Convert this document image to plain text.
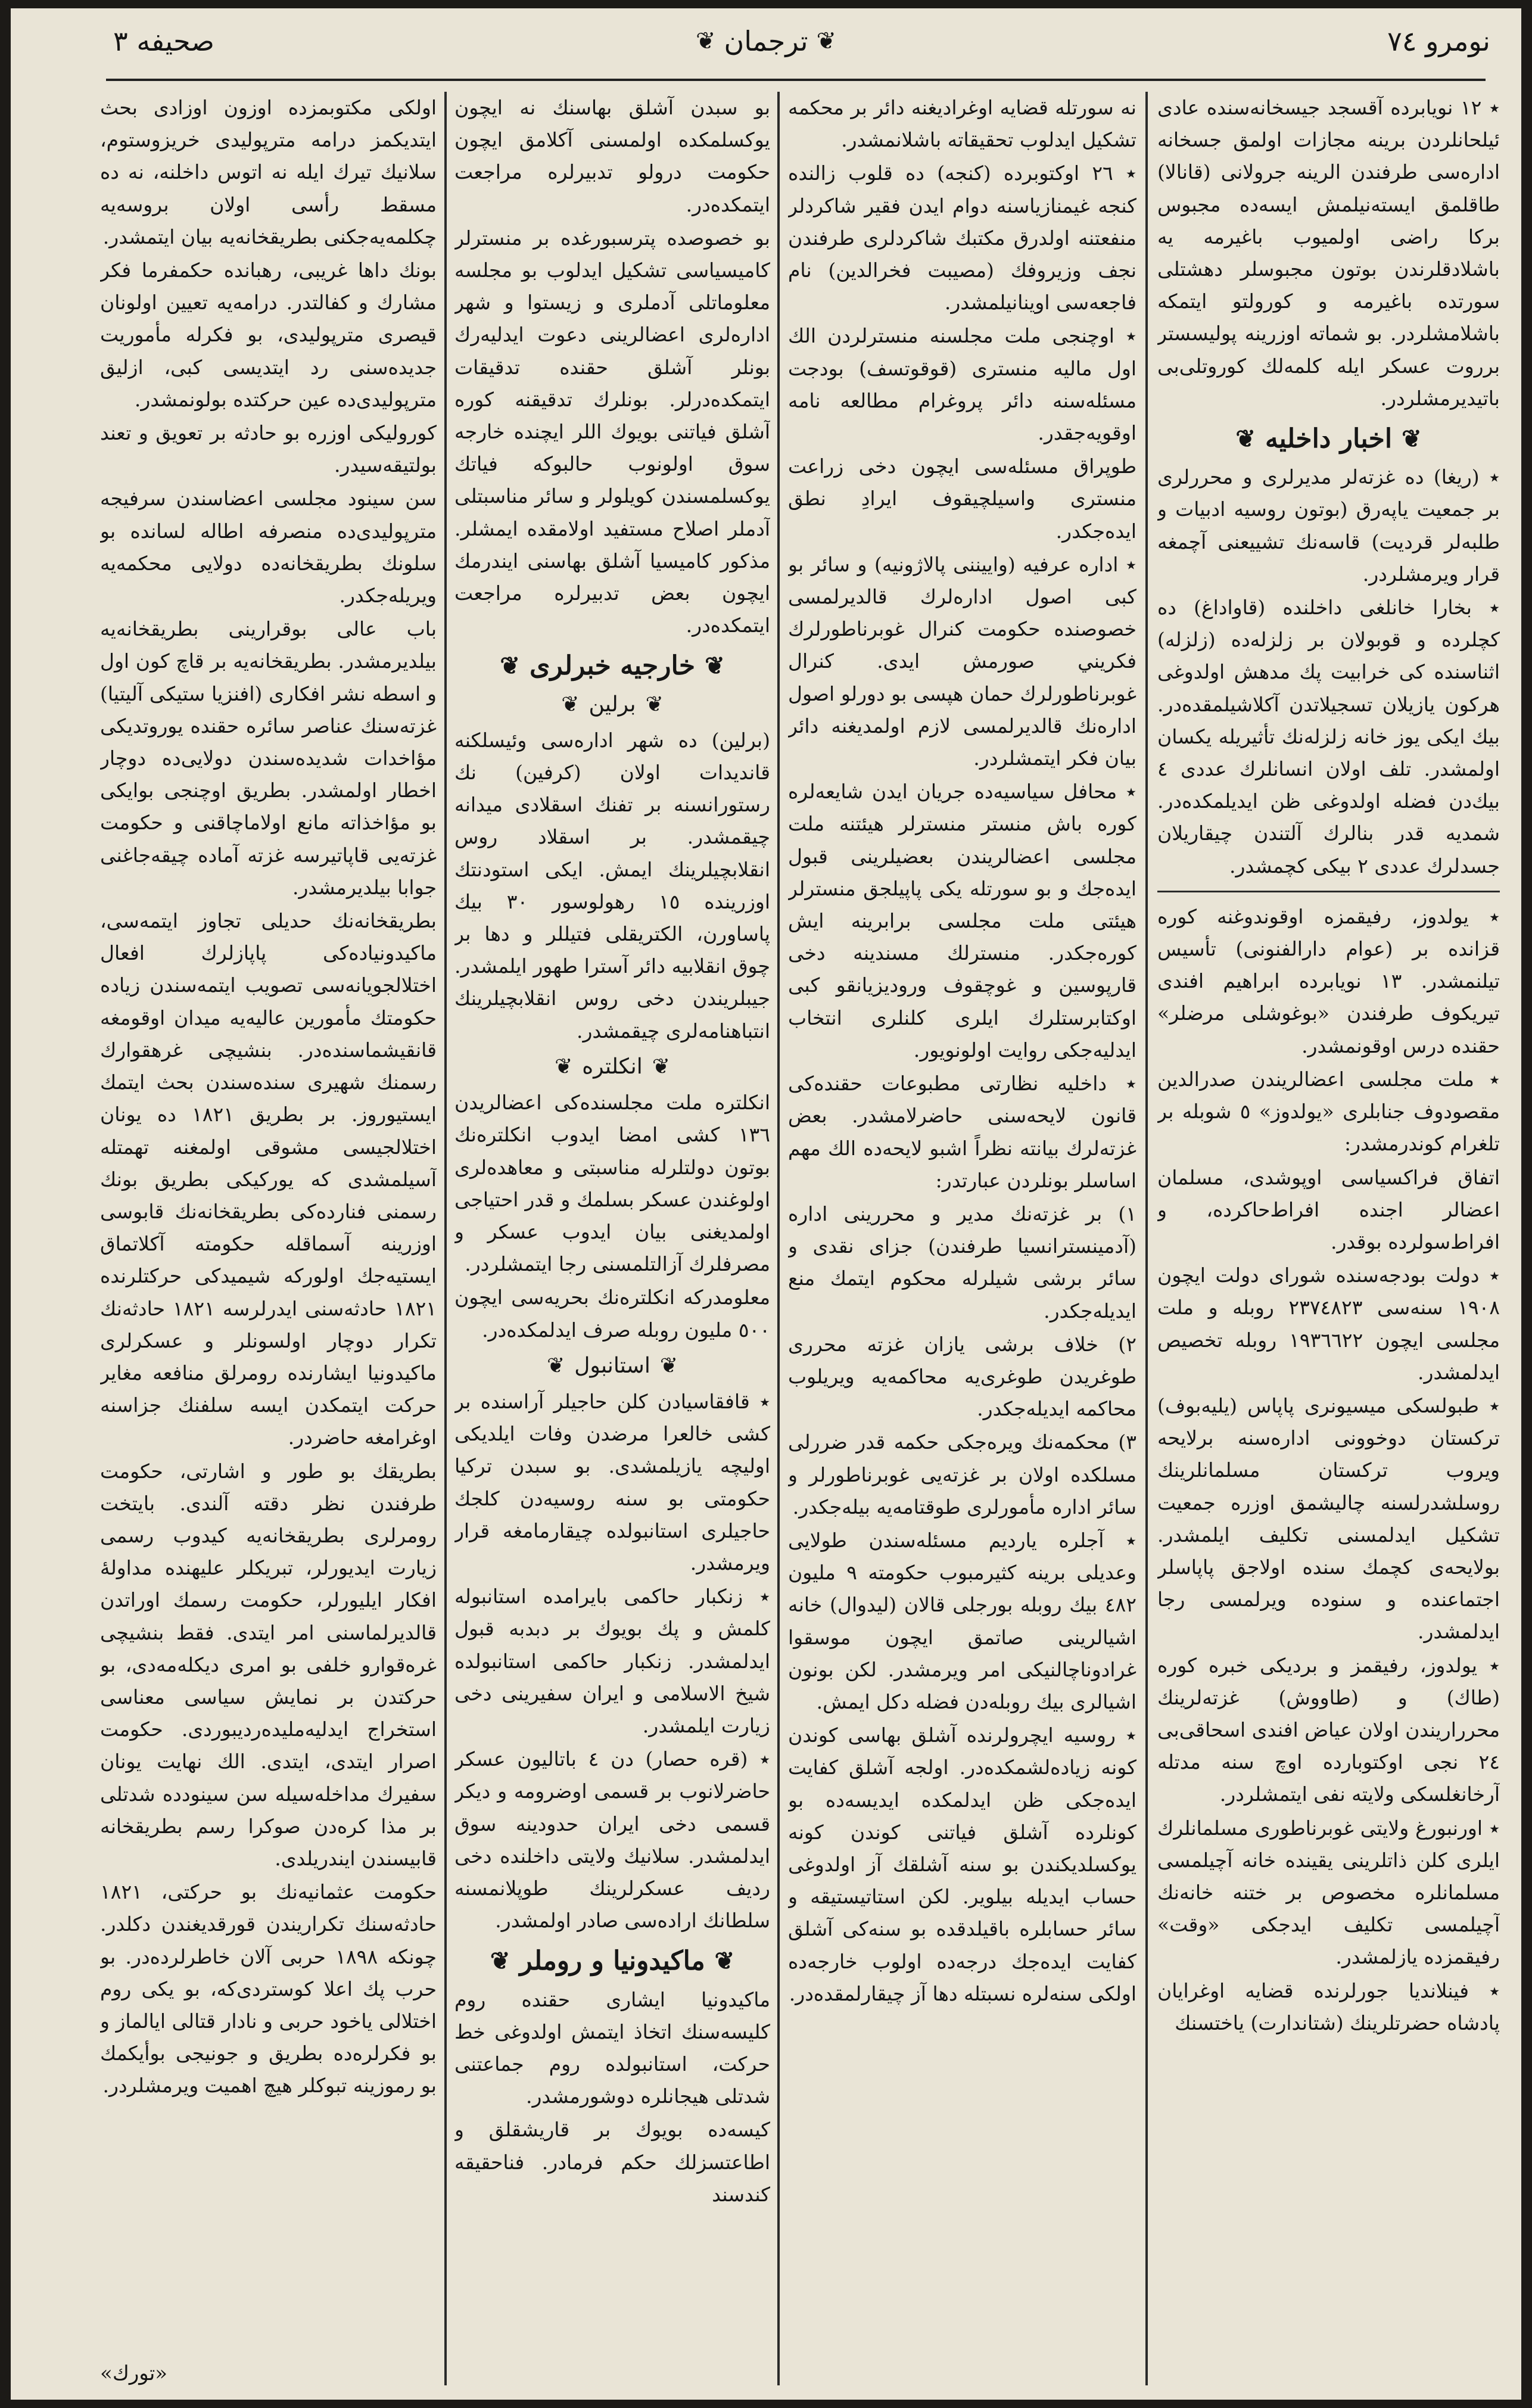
نومرو ٧٤
❦
ترجمان
❦
صحيفه ٣

٭ ١٢ نويابرده آقسجد جيسخانه‌سنده عادی ئيلحانلردن برينه مجازات اولمق جسخانه اداره‌سی طرفندن الرينه جرولانی (قانالا) طاقلمق ايسته‌نيلمش ايسه‌ده مجبوس بركا راضی اولميوب باغيرمه يه باشلادقلرندن بوتون مجبوسلر دهشتلی سورتده باغيرمه و كورولتو ايتمكه باشلامشلردر. بو شماته اوزرينه پوليسستر برروت عسكر ايله كلمه‌لك كوروتلی‌بی باتيديرمشلردر.

❦
اخبار داخليه
❦

٭ (ريغا) ده غزته‌لر مديرلری و محررلری بر جمعيت ياپه‌رق (بوتون روسيه ادبيات و طلبه‌لر قرديت) قاسه‌نك تشييعنی آچمغه قرار ويرمشلردر.

٭ بخارا خانلغی داخلنده (قاواداغ) ده كچلرده و قوبولان بر زلزله‌ده (زلزله) اثناسنده كی خرابيت پك مدهش اولدوغی هركون يازيلان تسجيلاتدن آكلاشيلمقده‌در. بيك ايكی يوز خانه زلزله‌نك تأثيريله يكسان اولمشدر. تلف اولان انسانلرك عددی ٤ بيك‌دن فضله اولدوغی ظن ايديلمكده‌در. شمديه قدر بنالرك آلتندن چيقاريلان جسدلرك عددی ٢ بيكی كچمشدر.

٭ يولدوز، رفيقمزه اوقوندوغنه كوره قزانده بر (عوام دارالفنونی) تأسيس تيلنمشدر. ١٣ نويابرده ابراهيم افندی تيريكوف طرفندن «بوغوشلی مرضلر» حقنده درس اوقونمشدر.

٭ ملت مجلسی اعضالريندن صدرالدين مقصودوف جنابلری «يولدوز» ٥ شوبله بر تلغرام كوندرمشدر:

اتفاق فراكسياسی اوپوشدی، مسلمان اعضالر اجنده افراط‌حاكرده، و افراط‌سولرده بوقدر.

٭ دولت بودجه‌سنده شورای دولت ايچون ١٩٠٨ سنه‌سی ٢٣٧٤٨٢٣ روبله و ملت مجلسی ايچون ١٩٣٦٦٢٢ روبله تخصيص ايدلمشدر.

٭ طبولسكی ميسيونری پاپاس (يليه‌بوف) تركستان دوخوونی اداره‌سنه برلايحه ويروب تركستان مسلمانلرينك روسلشدرلسنه چاليشمق اوزره جمعيت تشكيل ايدلمسنی تكليف ايلمشدر. بولايحه‌ی كچمك سنده اولاجق پاپاسلر اجتماعنده و سنوده ويرلمسی رجا ايدلمشدر.

٭ يولدوز، رفيقمز و بردیكی خبره كوره (طاك) و (طاووش) غزته‌لرينك محرراريندن اولان عياض افندی اسحاقی‌بی ٢٤ نجی اوكتوبارده اوچ سنه مدتله آرخانغلسكی ولايته نفی ايتمشلردر.

٭ اورنبورغ ولايتی غوبرناطوری مسلمانلرك ايلری كلن ذاتلرينی يقينده خانه آچيلمسی مسلمانلره مخصوص بر ختنه خانه‌نك آچيلمسی تكليف ايدجكی «وقت» رفيقمزده يازلمشدر.

٭ فينلانديا جورلرنده قضايه اوغرايان پادشاه حضرتلرينك (شتاندارت) ياختسنك

نه سورتله قضايه اوغراديغنه دائر بر محكمه تشكيل ايدلوب تحقيقاته باشلانمشدر.

٭ ٢٦ اوكتوبرده (كنجه) ده قلوب زالنده كنجه غيمنازياسنه دوام ايدن فقير شاكردلر منفعتنه اولدرق مكتبك شاكردلری طرفندن نجف وزيروفك (مصيبت فخرالدين) نام فاجعه‌سی اوينانيلمشدر.

٭ اوچنجی ملت مجلسنه منسترلردن الك اول ماليه منستری (قوقوتسف) بودجت مسئله‌سنه دائر پروغرام مطالعه نامه اوقويه‌جقدر.

طوپراق مسئله‌سی ايچون دخی زراعت منستری واسيلچيقوف ايرادِ نطق ايده‌جكدر.

٭ اداره عرفيه (واييننی پالاژونيه) و سائر بو كبی اصول اداره‌لرك قالديرلمسی خصوصنده حكومت كنرال غوبرناطورلرك فكريني صورمش ايدی. كنرال غوبرناطورلرك حمان هپسی بو دورلو اصول اداره‌نك قالديرلمسی لازم اولمديغنه دائر بيان فكر ايتمشلردر.

٭ محافل سياسيه‌ده جريان ايدن شايعه‌لره كوره باش منستر منسترلر هيئتنه ملت مجلسی اعضالريندن بعضيلرينی قبول ايده‌جك و بو سورتله يكی پاپيلجق منسترلر هيئتی ملت مجلسی برابرينه ايش كوره‌جكدر. منسترلك مسندينه دخی قارپوسين و غوچقوف وروديزيانقو كبی اوكتابرستلرك ايلری كلنلری انتخاب ايدليه‌جكی روايت اولونويور.

٭ داخليه نظارتی مطبوعات حقنده‌كی قانون لايحه‌سنی حاضرلامشدر. بعض غزته‌لرك بيانته نظراً اشبو لايحه‌ده الك مهم اساسلر بونلردن عبارتدر:

١) بر غزته‌نك مدير و محررينی اداره (آدمينسترانسيا طرفندن) جزای نقدی و سائر برشی شيلرله محكوم ايتمك منع ايديله‌جكدر.

٢) خلاف برشی يازان غزته محرری طوغريدن طوغری‌يه محاكمه‌يه ويريلوب محاكمه ايديله‌جكدر.

٣) محكمه‌نك ويره‌جكی حكمه قدر ضررلی مسلكده اولان بر غزته‌يی غوبرناطورلر و سائر اداره مأمورلری طوقتامه‌يه بيله‌جكدر.

٭ آجلره يارديم مسئله‌سندن طولايی وعديلی برينه كثيرمبوب حكومته ٩ مليون ٤٨٢ بيك روبله بورجلی قالان (ليدوال) خانه اشيالرينی صاتمق ايچون موسقوا غرادوناچالنيكی امر ويرمشدر. لكن بونون اشيالری بيك روبله‌دن فضله دكل ايمش.

٭ روسيه ايچرولرنده آشلق بهاسی كوندن كونه زياده‌لشمكده‌در. اولجه آشلق كفايت ايده‌جكی ظن ايدلمكده ايديسه‌ده بو كونلرده آشلق فياتنی كوندن كونه يوكسلديكندن بو سنه آشلقك آز اولدوغی حساب ايديله بيلوير. لكن استاتيستيقه و سائر حسابلره باقيلدقده بو سنه‌كی آشلق كفايت ايده‌جك درجه‌ده اولوب خارجه‌ده اولكی سنه‌لره نسبتله دها آز چيقارلمقده‌در.

بو سبدن آشلق بهاسنك نه ايچون يوكسلمكده اولمسنی آكلامق ايچون حكومت درولو تدبيرلره مراجعت ايتمكده‌در.

بو خصوصده پترسبورغده بر منسترلر كاميسياسی تشكيل ايدلوب بو مجلسه معلوماتلی آدملری و زيستوا و شهر اداره‌لری اعضالرينی دعوت ايدليه‌رك بونلر آشلق حقنده تدقيقات ايتمكده‌درلر. بونلرك تدقيقنه كوره آشلق فياتنی بويوك اللر ايچنده خارجه سوق اولونوب حالبوكه فياتك يوكسلمسندن كويلولر و سائر مناسبتلی آدملر اصلاح مستفيد اولامقده ايمشلر. مذكور كاميسيا آشلق بهاسنی ايندرمك ايچون بعض تدبيرلره مراجعت ايتمكده‌در.

❦
خارجيه خبرلری
❦
❦
برلين
❦

(برلين) ده شهر اداره‌سی وئيسلكنه قانديدات اولان (كرفين) نك رستورانسنه بر تفنك اسقلادی ميدانه چيقمشدر. بر اسقلاد روس انقلابچيلرينك ايمش. ايكی استودنتك اوزرينده ١٥ رهولوسور ٣٠ بيك پاساورن، الكتريقلی فتيللر و دها بر چوق انقلابيه دائر آسترا طهور ايلمشدر. جيبلريندن دخی روس انقلابچيلرينك انتباهنامه‌لری چيقمشدر.

❦
انكلتره
❦

انكلتره ملت مجلسنده‌كی اعضالريدن ١٣٦ كشی امضا ايدوب انكلتره‌نك بوتون دولتلرله مناسبتی و معاهده‌لری اولوغندن عسكر بسلمك و قدر احتياجی اولمديغنی بيان ايدوب عسكر و مصرفلرك آزالتلمسنی رجا ايتمشلردر.

معلومدركه انكلتره‌نك بحريه‌سی ايچون ٥٠٠ مليون روبله صرف ايدلمكده‌در.

❦
استانبول
❦

٭ قافقاسيادن كلن حاجيلر آراسنده بر كشی خالعرا مرضدن وفات ايلديكی اوليچه يازيلمشدی. بو سبدن تركيا حكومتی بو سنه روسيه‌دن كلجك حاجيلری استانبولده چيقارمامغه قرار ويرمشدر.

٭ زنكبار حاكمی بايرامده استانبوله كلمش و پك بويوك بر دبدبه قبول ايدلمشدر. زنكبار حاكمی استانبولده شيخ الاسلامی و ايران سفيرينی دخی زيارت ايلمشدر.

٭ (قره حصار) دن ٤ باتاليون عسكر حاضرلانوب بر قسمی اوضرومه و ديكر قسمی دخی ايران حدودينه سوق ايدلمشدر. سلانيك ولايتی داخلنده دخی ردیف عسكرلرينك طوپلانمسنه سلطانك اراده‌سی صادر اولمشدر.

❦
ماكيدونيا و روملر
❦

ماكيدونيا ايشاری حقنده روم كليسه‌سنك اتخاذ ايتمش اولدوغی خط حركت، استانبولده روم جماعتنی شدتلی هيجانلره دوشورمشدر.

كيسه‌ده بويوك بر قاريشقلق و اطاعتسزلك حكم فرمادر. فناحقيقه كندسند

اولكی مكتوبمزده اوزون اوزادی بحث ايتديكمز درامه مترپوليدی خريزوستوم، سلانيك تيرك ايله نه اتوس داخلنه، نه ده مسقط رأسی اولان بروسه‌يه چكلمه‌يه‌جكنی بطريقخانه‌يه بيان ايتمشدر.

بونك داها غريبی، رهبانده حكمفرما فكر مشارك و كفالتدر. درامه‌يه تعيين اولونان قيصری مترپوليدی، بو فكرله مأموريت جديده‌سنی رد ايتديسی كبی، ازليق مترپوليدی‌ده عين حركتده بولونمشدر.

كوروليكی اوزره بو حادثه بر تعويق و تعند بولتيقه‌سيدر.

سن سينود مجلسی اعضاسندن سرفيجه مترپوليدی‌ده منصرفه اطاله لسانده بو سلونك بطريقخانه‌ده دولايی محكمه‌يه ويريله‌جكدر.

باب عالی بوقرارينی بطريقخانه‌يه بيلديرمشدر. بطريقخانه‌يه بر قاچ كون اول و اسطه نشر افكاری (افنزيا ستيكی آليتيا) غزته‌سنك عناصر سائره حقنده يوروتديكی مؤاخدات شديده‌سندن دولايی‌ده دوچار اخطار اولمشدر. بطريق اوچنجی بوايكی بو مؤاخذاته مانع اولاماچاقنی و حكومت غزته‌يی قاپاتيرسه غزته آماده چيقه‌جاغنی جوابا بيلديرمشدر.

بطريقخانه‌نك حديلی تجاوز ايتمه‌سی، ماكيدونياده‌كی پاپازلرك افعال اختلالجويانه‌سی تصويب ايتمه‌سندن زياده حكومتك مأمورين عاليه‌يه ميدان اوقومغه قانقيشماسنده‌در. بنشيچی غرهقوارك رسمنك شهيری سنده‌سندن بحث ايتمك ايستيوروز. بر بطريق ١٨٢١ ده يونان اختلالجيسی مشوقی اولمغنه تهمتله آسيلمشدی كه يوركيكی بطريق بونك رسمنی فنارده‌كی بطريقخانه‌نك قابوسی اوزرينه آسماقله حكومته آكلاتماق ايستيه‌جك اولوركه شيميدكی حركتلرنده ١٨٢١ حادثه‌سنی ايدرلرسه ١٨٢١ حادثه‌نك تكرار دوچار اولسونلر و عسكرلری ماكيدونيا ايشارنده رومرلق منافعه مغاير حركت ايتمكدن ايسه سلفنك جزاسنه اوغرامغه حاضردر.

بطريقك بو طور و اشارتی، حكومت طرفندن نظر دقته آلندی. بايتخت رومرلری بطريقخانه‌يه كيدوب رسمی زيارت ايديورلر، تبريكلر عليهنده مداولهٔ افكار ايليورلر، حكومت رسمك اوراتدن قالديرلماسنی امر ايتدی. فقط بنشيچی غره‌قوارو خلفی بو امری ديكله‌مه‌دی، بو حركتدن بر نمايش سياسی معناسی استخراج ايدليه‌مليده‌رديبوردی. حكومت اصرار ايتدی، ايتدی. الك نهايت يونان سفيرك مداخله‌سيله سن سينودده شدتلی بر مذا كره‌دن صوكرا رسم بطريقخانه قابيسندن ايندريلدی.

حكومت عثمانيه‌نك بو حركتی، ١٨٢١ حادثه‌سنك تكراريندن قورقديغندن دكلدر. چونكه ١٨٩٨ حربی آلان خاطرلرده‌در. بو حرب پك اعلا كوستردی‌كه، بو يكی روم اختلالی ياخود حربی و نادار قتالی ايالماز و بو فكرلره‌ده بطريق و جونيجی بوأيكمك بو رموزينه تبوكلر هيچ اهميت ويرمشلردر.

«تورك»
